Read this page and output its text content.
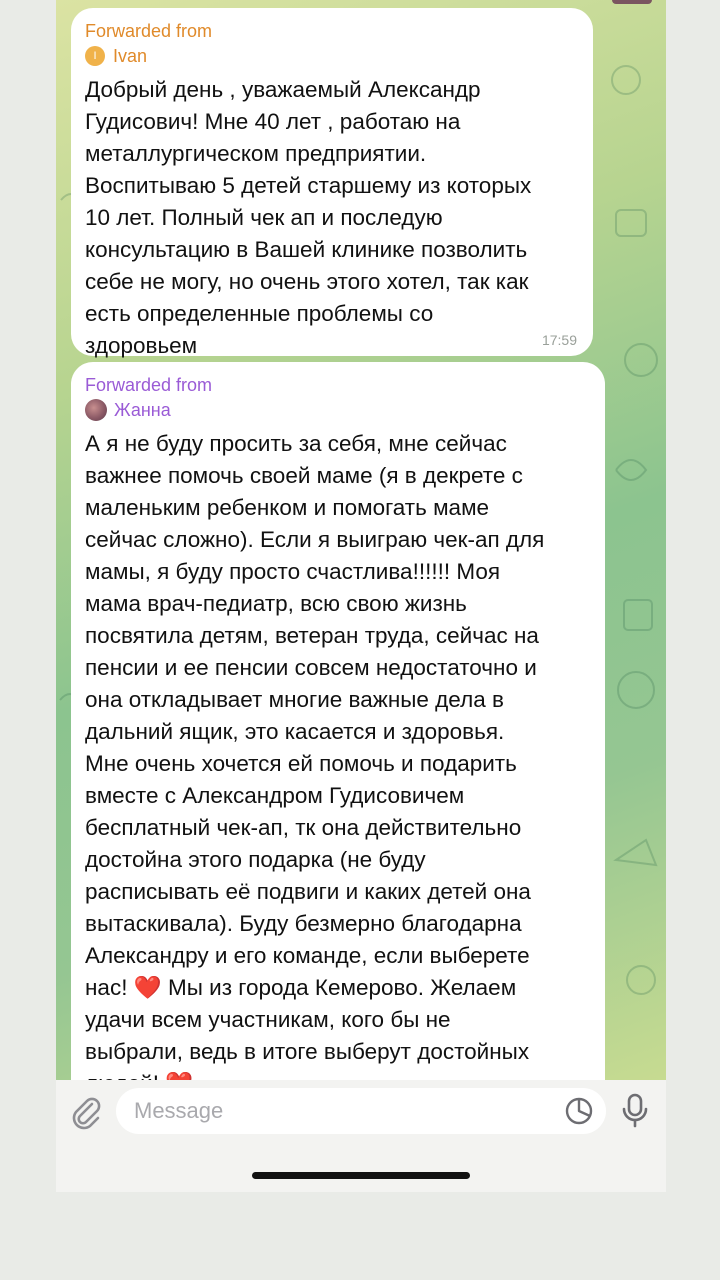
Forwarded from
I Ivan
Добрый день , уважаемый Александр
Гудисович! Мне 40 лет , работаю на
металлургическом предприятии.
Воспитываю 5 детей старшему из которых
10 лет. Полный чек ап и последую
консультацию в Вашей клинике позволить
себе не могу, но очень этого хотел, так как
есть определенные проблемы со
здоровьем	17:59
Forwarded from
Жанна
А я не буду просить за себя, мне сейчас
важнее помочь своей маме (я в декрете с
маленьким ребенком и помогать маме
сейчас сложно). Если я выиграю чек-ап для
мамы, я буду просто счастлива!!!!!! Моя
мама врач-педиатр, всю свою жизнь
посвятила детям, ветеран труда, сейчас на
пенсии и ее пенсии совсем недостаточно и
она откладывает многие важные дела в
дальний ящик, это касается и здоровья.
Мне очень хочется ей помочь и подарить
вместе с Александром Гудисовичем
бесплатный чек-ап, тк она действительно
достойна этого подарка (не буду
расписывать её подвиги и каких детей она
вытаскивала). Буду безмерно благодарна
Александру и его команде, если выберете
нас! ❤️ Мы из города Кемерово. Желаем
удачи всем участникам, кого бы не
выбрали, ведь в итоге выберут достойных

Message
